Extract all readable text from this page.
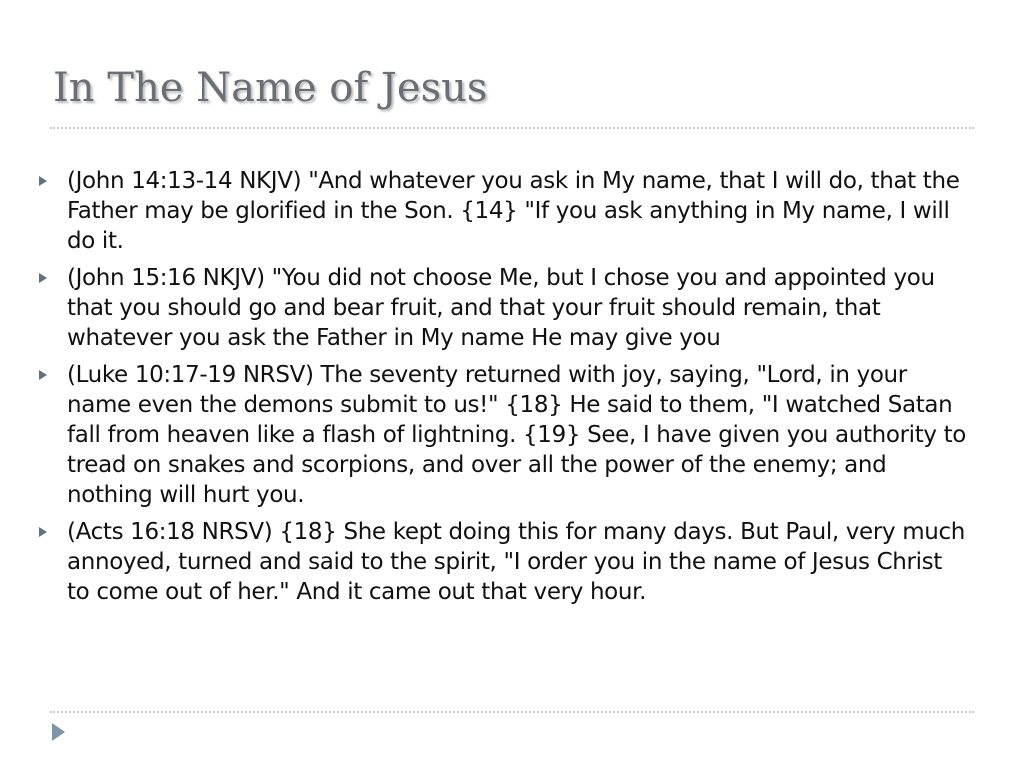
In The Name of Jesus
(John 14:13-14 NKJV) "And whatever you ask in My name, that I will do, that the Father may be glorified in the Son. {14} "If you ask anything in My name, I will do it.
(John 15:16 NKJV) "You did not choose Me, but I chose you and appointed you that you should go and bear fruit, and that your fruit should remain, that whatever you ask the Father in My name He may give you
(Luke 10:17-19 NRSV) The seventy returned with joy, saying, "Lord, in your name even the demons submit to us!" {18} He said to them, "I watched Satan fall from heaven like a flash of lightning. {19} See, I have given you authority to tread on snakes and scorpions, and over all the power of the enemy; and nothing will hurt you.
(Acts 16:18 NRSV) {18} She kept doing this for many days. But Paul, very much annoyed, turned and said to the spirit, "I order you in the name of Jesus Christ to come out of her." And it came out that very hour.
